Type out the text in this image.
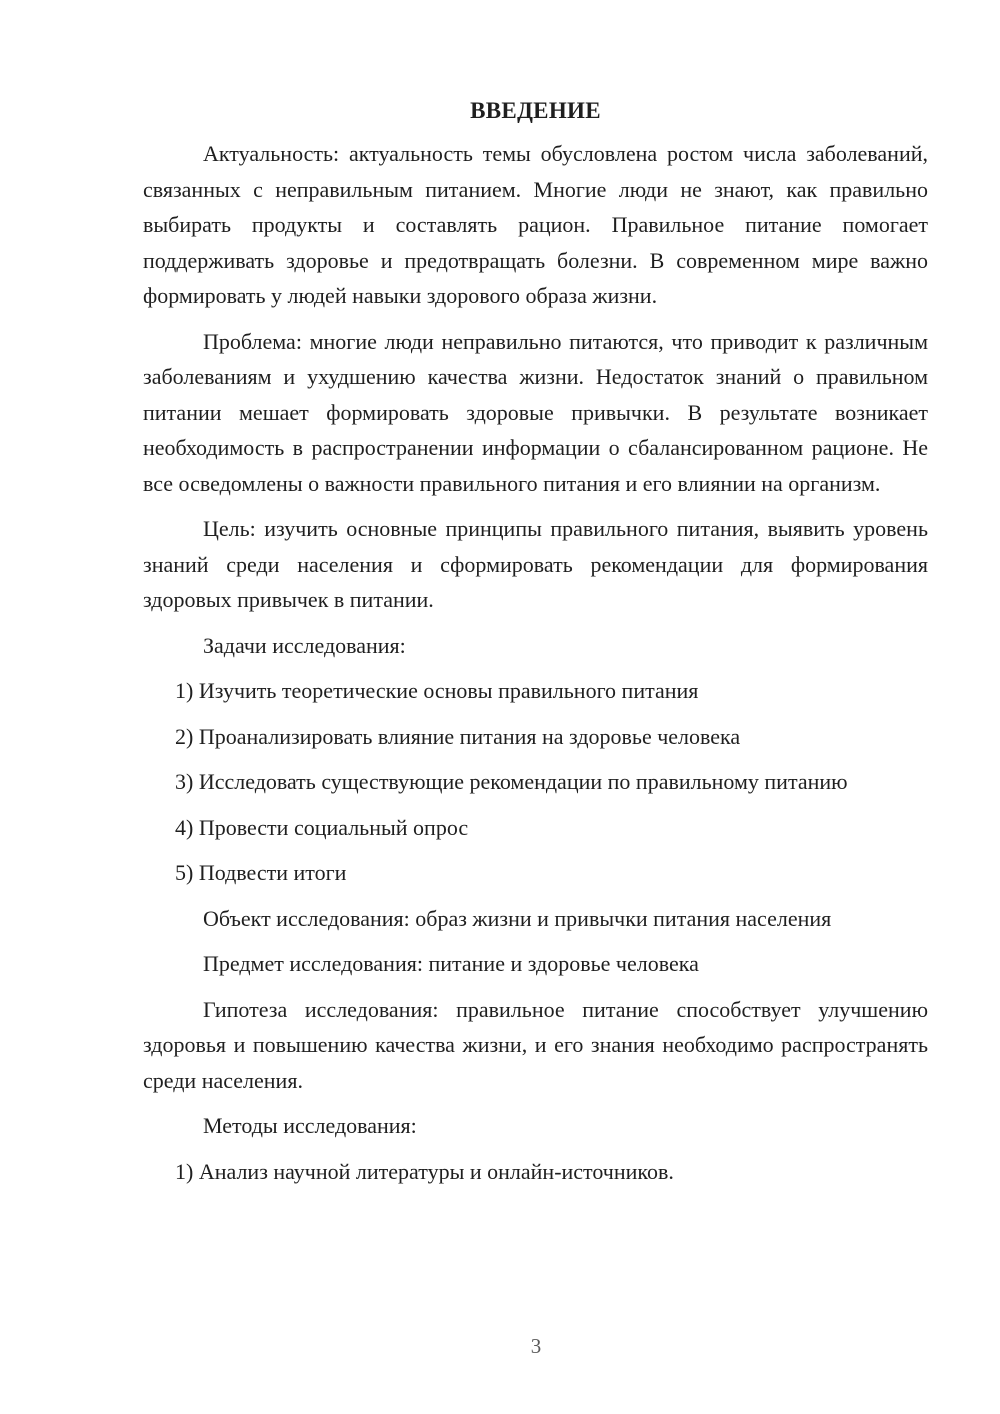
ВВЕДЕНИЕ

Актуальность: актуальность темы обусловлена ростом числа заболеваний, связанных с неправильным питанием. Многие люди не знают, как правильно выбирать продукты и составлять рацион. Правильное питание помогает поддерживать здоровье и предотвращать болезни. В современном мире важно формировать у людей навыки здорового образа жизни.

Проблема: многие люди неправильно питаются, что приводит к различным заболеваниям и ухудшению качества жизни. Недостаток знаний о правильном питании мешает формировать здоровые привычки. В результате возникает необходимость в распространении информации о сбалансированном рационе. Не все осведомлены о важности правильного питания и его влиянии на организм.

Цель: изучить основные принципы правильного питания, выявить уровень знаний среди населения и сформировать рекомендации для формирования здоровых привычек в питании.

Задачи исследования:
1) Изучить теоретические основы правильного питания
2) Проанализировать влияние питания на здоровье человека

3) Исследовать существующие рекомендации по правильному питанию

4) Провести социальный опрос
5) Подвести итоги
Объект исследования: образ жизни и привычки питания населения
Предмет исследования: питание и здоровье человека

Гипотеза исследования: правильное питание способствует улучшению здоровья и повышению качества жизни, и его знания необходимо распространять среди населения.

Методы исследования:
1) Анализ научной литературы и онлайн-источников.
3
